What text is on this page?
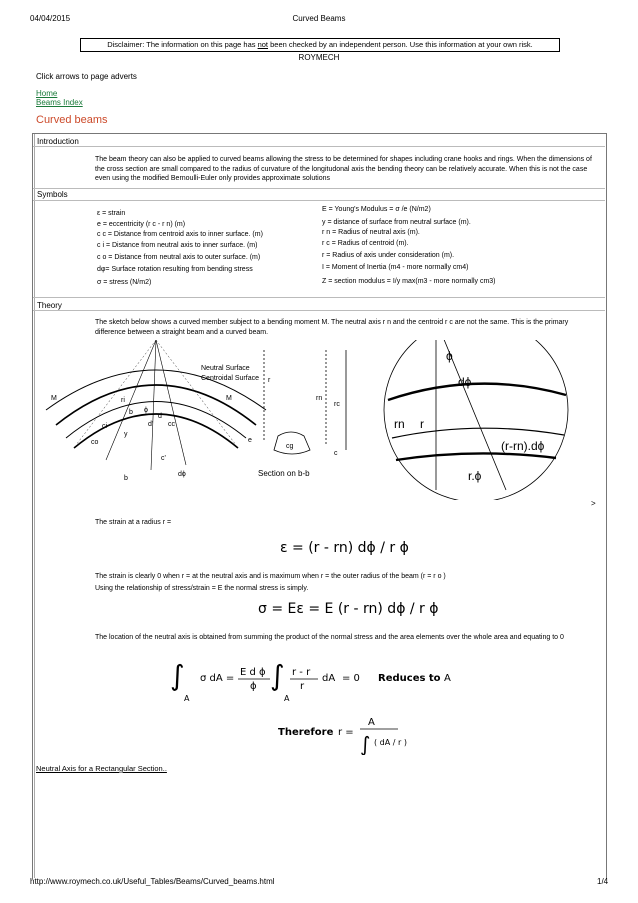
04/04/2015	Curved Beams
Disclaimer: The information on this page has not been checked by an independent person. Use this information at your own risk.
ROYMECH
Click arrows to page adverts
Home
Beams Index
Curved beams
Introduction
The beam theory can also be applied to curved beams allowing the stress to be determined for shapes including crane hooks and rings. When the dimensions of the cross section are small compared to the radius of curvature of the longitudonal axis the bending theory can be relatively accurate. When this is not the case even using the modified Bernoulli-Euler only provides approximate solutions
Symbols
ε = strain
e = eccentricity (r c - r n) (m)
c c = Distance from centroid axis to inner surface. (m)
c i = Distance from neutral axis to inner surface. (m)
c o = Distance from neutral axis to outer surface. (m)
dφ= Surface rotation resulting from bending stress
σ = stress (N/m2)
E = Young's Modulus = σ /e (N/m2)
y = distance of surface from neutral surface (m).
r n = Radius of neutral axis (m).
r c = Radius of centroid (m).
r = Radius of axis under consideration (m).
I = Moment of Inertia (m4 - more normally cm4)
Z = section modulus = I/y max(m3 - more normally cm3)
Theory
The sketch below shows a curved member subject to a bending moment M. The neutral axis r n and the centroid r c are not the same. This is the primary difference between a straight beam and a curved beam.
M	M
ri
b ϕ
d
d' cc
ci
co
y
c'
b
dϕ
Neutral Surface
Centroidal Surface r
rn
rc
e
cg
c
Section on b-b
ϕ
dϕ
rn r
(r-rn).dϕ
r.ϕ
>
The strain at a radius r =
ε = (r - rn) dϕ / r ϕ
The strain is clearly 0 when r = at the neutral axis and is maximum when r = the outer radius of the beam (r = r o )
Using the relationship of stress/strain = E the normal stress is simply.
σ = Eε = E (r - rn) dϕ / r ϕ
The location of the neutral axis is obtained from summing the product of the normal stress and the area elements over the whole area and equating to 0
∫ σ dA =
E d ϕ
ϕ ∫ r - r
r
dA = 0 Reduces to A
A	A
Therefore r =
A
∫ ( dA / r )
Neutral Axis for a Rectangular Section..
http://www.roymech.co.uk/Useful_Tables/Beams/Curved_beams.html	1/4
